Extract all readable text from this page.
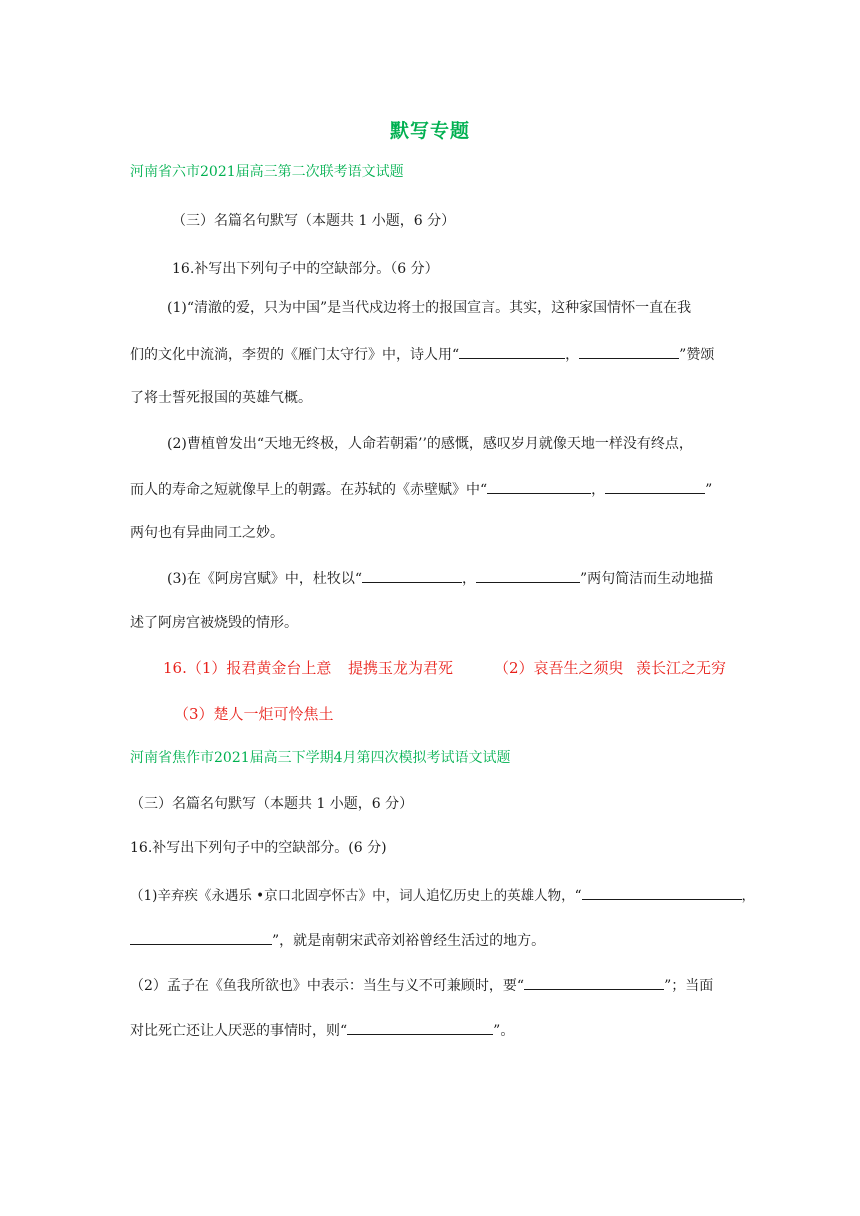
默写专题
河南省六市2021届高三第二次联考语文试题
（三）名篇名句默写（本题共 1 小题，6 分）
16.补写出下列句子中的空缺部分。（6 分）
(1)“清澈的爱，只为中国”是当代戍边将士的报国宣言。其实，这种家国情怀一直在我
们的文化中流淌，李贺的《雁门太守行》中，诗人用“	，	”赞颂
了将士誓死报国的英雄气概。
(2)曹植曾发出“天地无终极，人命若朝霜’’的感慨，感叹岁月就像天地一样没有终点，
而人的寿命之短就像早上的朝露。在苏轼的《赤壁赋》中“	，	”
两句也有异曲同工之妙。
(3)在《阿房宫赋》中，杜牧以“	，	”两句简洁而生动地描
述了阿房宫被烧毁的情形。
16.（1）报君黄金台上意 提携玉龙为君死	（2）哀吾生之须臾 羡长江之无穷
（3）楚人一炬可怜焦土
河南省焦作市2021届高三下学期4月第四次模拟考试语文试题
（三）名篇名句默写（本题共 1 小题，6 分）
16.补写出下列句子中的空缺部分。(6 分)
（1)辛弃疾《永遇乐 •京口北固亭怀古》中，词人追忆历史上的英雄人物，“	，
”，就是南朝宋武帝刘裕曾经生活过的地方。
（2）孟子在《鱼我所欲也》中表示：当生与义不可兼顾时，要“	”；当面
对比死亡还让人厌恶的事情时，则“	”。
